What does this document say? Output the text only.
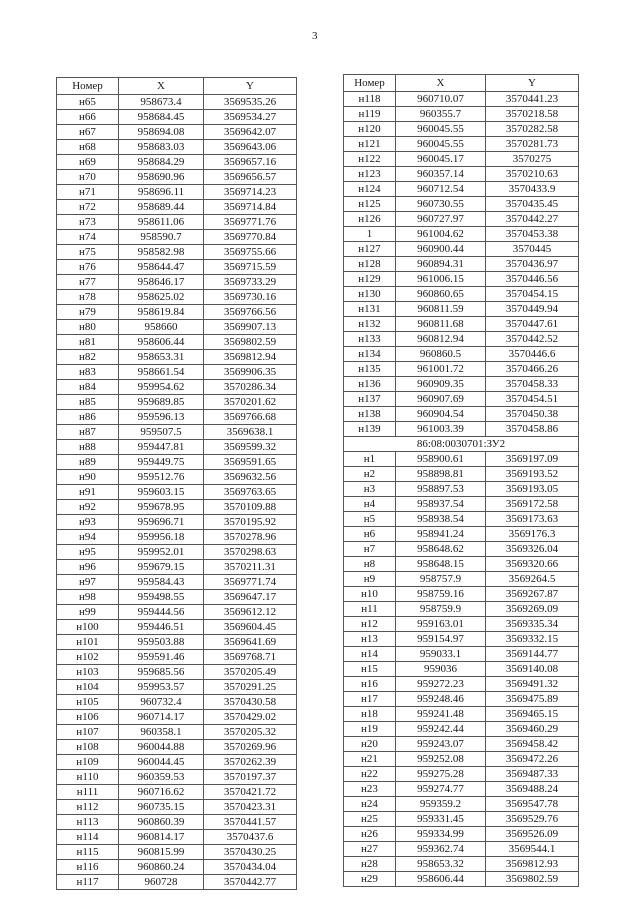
3
Номер	X	Y
н65	958673.4	3569535.26
н66	958684.45	3569534.27
н67	958694.08	3569642.07
н68	958683.03	3569643.06
н69	958684.29	3569657.16
н70	958690.96	3569656.57
н71	958696.11	3569714.23
н72	958689.44	3569714.84
н73	958611.06	3569771.76
н74	958590.7	3569770.84
н75	958582.98	3569755.66
н76	958644.47	3569715.59
н77	958646.17	3569733.29
н78	958625.02	3569730.16
н79	958619.84	3569766.56
н80	958660	3569907.13
н81	958606.44	3569802.59
н82	958653.31	3569812.94
н83	958661.54	3569906.35
н84	959954.62	3570286.34
н85	959689.85	3570201.62
н86	959596.13	3569766.68
н87	959507.5	3569638.1
н88	959447.81	3569599.32
н89	959449.75	3569591.65
н90	959512.76	3569632.56
н91	959603.15	3569763.65
н92	959678.95	3570109.88
н93	959696.71	3570195.92
н94	959956.18	3570278.96
н95	959952.01	3570298.63
н96	959679.15	3570211.31
н97	959584.43	3569771.74
н98	959498.55	3569647.17
н99	959444.56	3569612.12
н100	959446.51	3569604.45
н101	959503.88	3569641.69
н102	959591.46	3569768.71
н103	959685.56	3570205.49
н104	959953.57	3570291.25
н105	960732.4	3570430.58
н106	960714.17	3570429.02
н107	960358.1	3570205.32
н108	960044.88	3570269.96
н109	960044.45	3570262.39
н110	960359.53	3570197.37
н111	960716.62	3570421.72
н112	960735.15	3570423.31
н113	960860.39	3570441.57
н114	960814.17	3570437.6
н115	960815.99	3570430.25
н116	960860.24	3570434.04
н117	960728	3570442.77
Номер	X	Y
н118	960710.07	3570441.23
н119	960355.7	3570218.58
н120	960045.55	3570282.58
н121	960045.55	3570281.73
н122	960045.17	3570275
н123	960357.14	3570210.63
н124	960712.54	3570433.9
н125	960730.55	3570435.45
н126	960727.97	3570442.27
1	961004.62	3570453.38
н127	960900.44	3570445
н128	960894.31	3570436.97
н129	961006.15	3570446.56
н130	960860.65	3570454.15
н131	960811.59	3570449.94
н132	960811.68	3570447.61
н133	960812.94	3570442.52
н134	960860.5	3570446.6
н135	961001.72	3570466.26
н136	960909.35	3570458.33
н137	960907.69	3570454.51
н138	960904.54	3570450.38
н139	961003.39	3570458.86
86:08:0030701:ЗУ2		
н1	958900.61	3569197.09
н2	958898.81	3569193.52
н3	958897.53	3569193.05
н4	958937.54	3569172.58
н5	958938.54	3569173.63
н6	958941.24	3569176.3
н7	958648.62	3569326.04
н8	958648.15	3569320.66
н9	958757.9	3569264.5
н10	958759.16	3569267.87
н11	958759.9	3569269.09
н12	959163.01	3569335.34
н13	959154.97	3569332.15
н14	959033.1	3569144.77
н15	959036	3569140.08
н16	959272.23	3569491.32
н17	959248.46	3569475.89
н18	959241.48	3569465.15
н19	959242.44	3569460.29
н20	959243.07	3569458.42
н21	959252.08	3569472.26
н22	959275.28	3569487.33
н23	959274.77	3569488.24
н24	959359.2	3569547.78
н25	959331.45	3569529.76
н26	959334.99	3569526.09
н27	959362.74	3569544.1
н28	958653.32	3569812.93
н29	958606.44	3569802.59
